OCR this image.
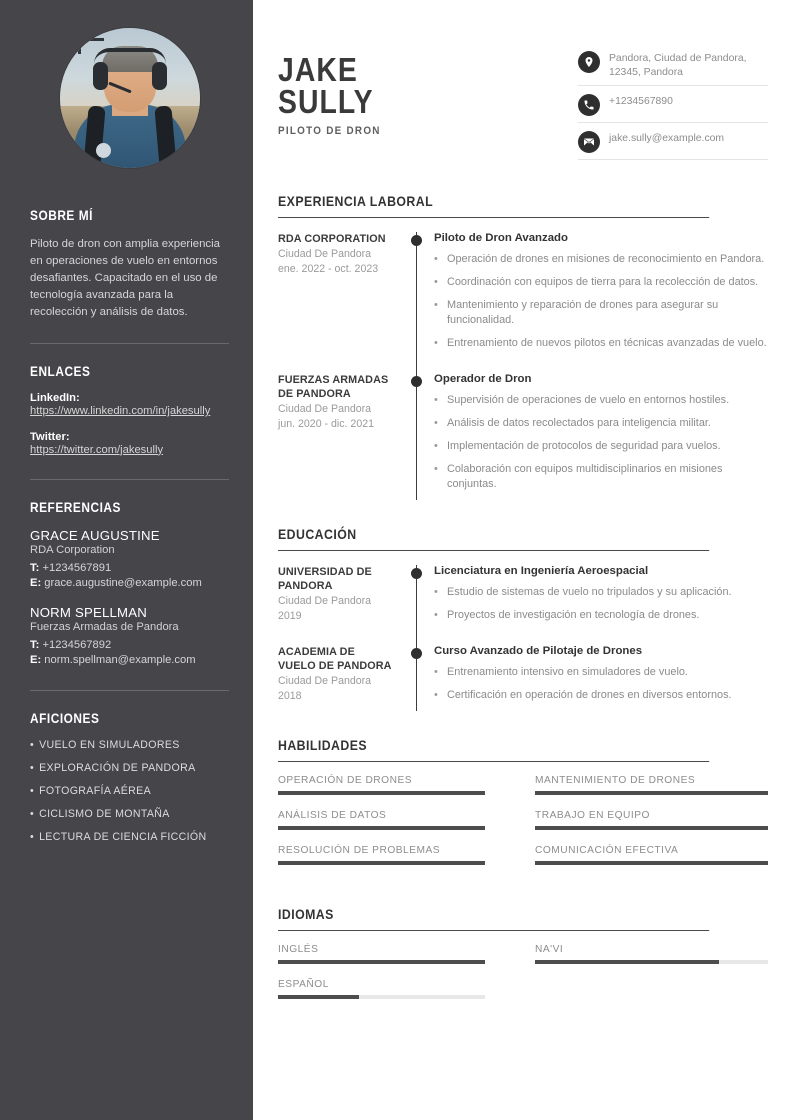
SOBRE MÍ

Piloto de dron con amplia experiencia en operaciones de vuelo en entornos desafiantes. Capacitado en el uso de tecnología avanzada para la recolección y análisis de datos.

ENLACES
LinkedIn:
https://www.linkedin.com/in/jakesully
Twitter:
https://twitter.com/jakesully
REFERENCIAS
GRACE AUGUSTINE
RDA Corporation
T: +1234567891
E: grace.augustine@example.com
NORM SPELLMAN
Fuerzas Armadas de Pandora
T: +1234567892
E: norm.spellman@example.com
AFICIONES
• VUELO EN SIMULADORES
• EXPLORACIÓN DE PANDORA
• FOTOGRAFÍA AÉREA
• CICLISMO DE MONTAÑA
• LECTURA DE CIENCIA FICCIÓN
JAKE
SULLY
PILOTO DE DRON
Pandora, Ciudad de Pandora, 12345, Pandora
+1234567890
jake.sully@example.com
EXPERIENCIA LABORAL
RDA CORPORATION
Ciudad De Pandora
ene. 2022 - oct. 2023
Piloto de Dron Avanzado
• Operación de drones en misiones de reconocimiento en Pandora.
• Coordinación con equipos de tierra para la recolección de datos.
• Mantenimiento y reparación de drones para asegurar su funcionalidad.
• Entrenamiento de nuevos pilotos en técnicas avanzadas de vuelo.
FUERZAS ARMADAS DE PANDORA
Ciudad De Pandora
jun. 2020 - dic. 2021
Operador de Dron
• Supervisión de operaciones de vuelo en entornos hostiles.
• Análisis de datos recolectados para inteligencia militar.
• Implementación de protocolos de seguridad para vuelos.
• Colaboración con equipos multidisciplinarios en misiones conjuntas.
EDUCACIÓN
UNIVERSIDAD DE PANDORA
Ciudad De Pandora
2019
Licenciatura en Ingeniería Aeroespacial
• Estudio de sistemas de vuelo no tripulados y su aplicación.
• Proyectos de investigación en tecnología de drones.
ACADEMIA DE VUELO DE PANDORA
Ciudad De Pandora
2018
Curso Avanzado de Pilotaje de Drones
• Entrenamiento intensivo en simuladores de vuelo.
• Certificación en operación de drones en diversos entornos.
HABILIDADES
OPERACIÓN DE DRONES	MANTENIMIENTO DE DRONES
ANÁLISIS DE DATOS	TRABAJO EN EQUIPO
RESOLUCIÓN DE PROBLEMAS	COMUNICACIÓN EFECTIVA
IDIOMAS
INGLÉS	NA'VI
ESPAÑOL
